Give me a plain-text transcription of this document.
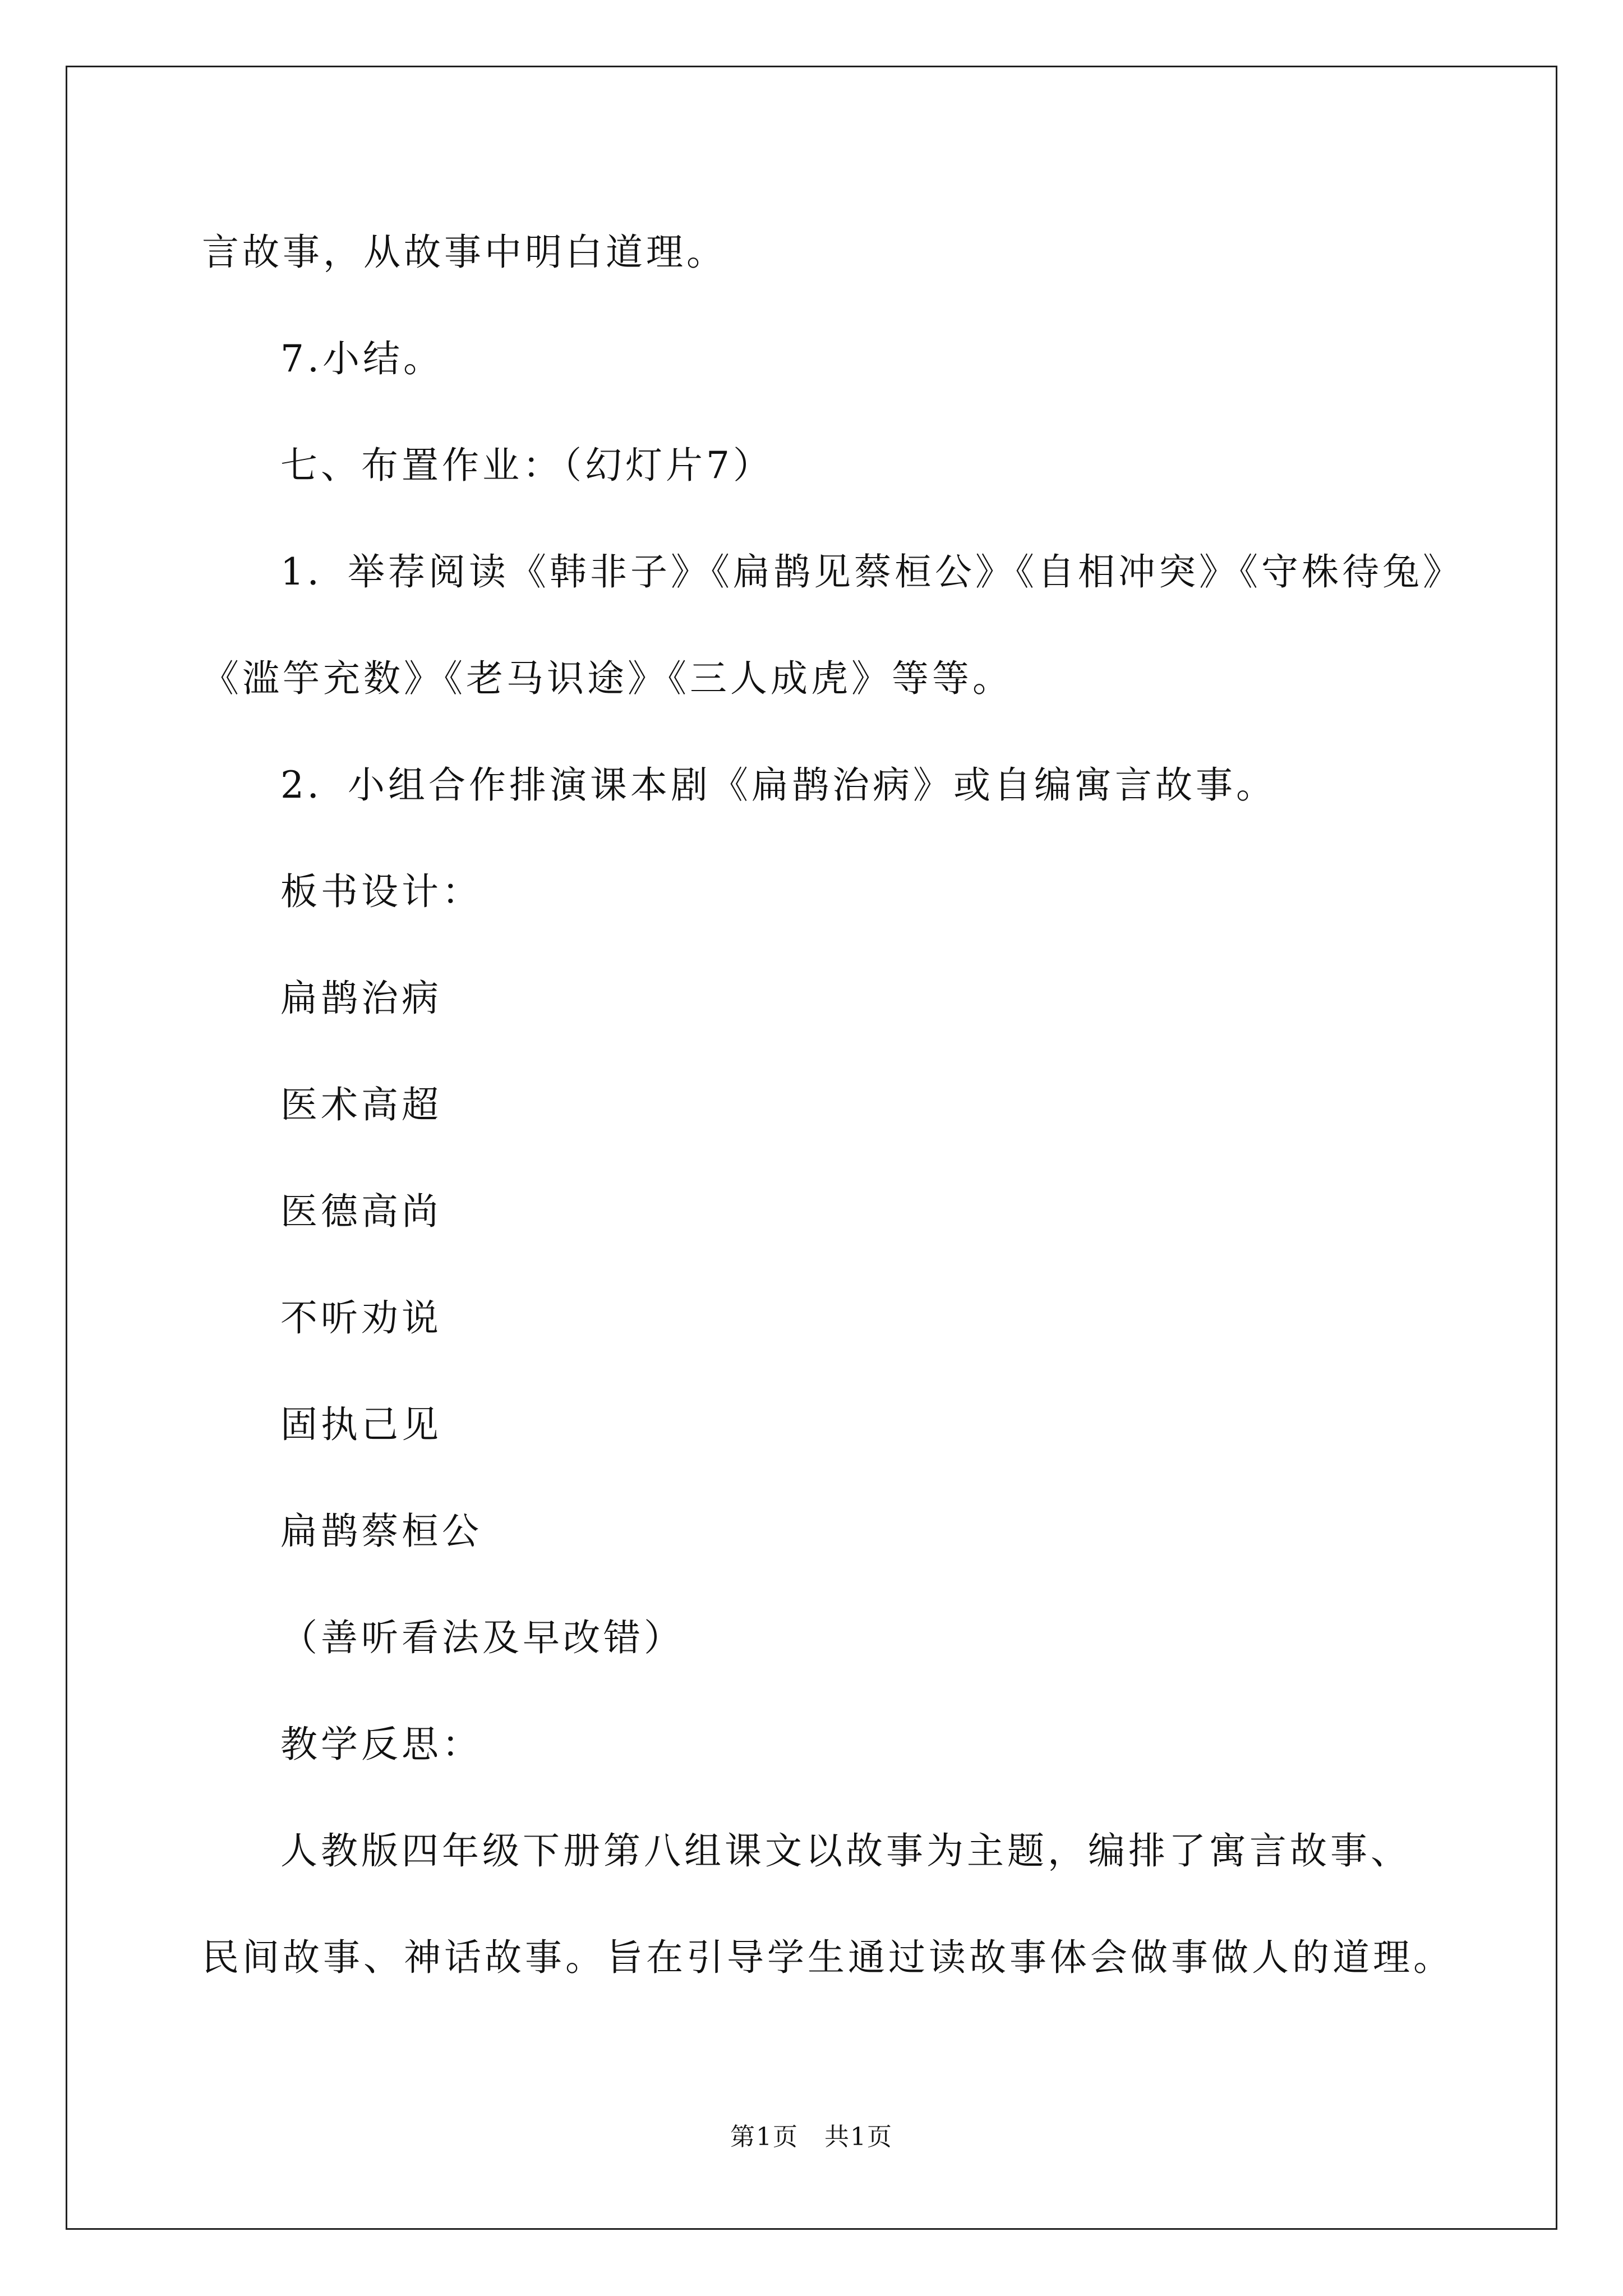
言故事，从故事中明白道理。
7.小结。
七、布置作业：（幻灯片7）
1．举荐阅读《韩非子》《扁鹊见蔡桓公》《自相冲突》《守株待兔》
《滥竽充数》《老马识途》《三人成虎》等等。
2．小组合作排演课本剧《扁鹊治病》或自编寓言故事。
板书设计：
扁鹊治病
医术高超
医德高尚
不听劝说
固执己见
扁鹊蔡桓公
（善听看法及早改错）
教学反思：
人教版四年级下册第八组课文以故事为主题，编排了寓言故事、
民间故事、神话故事。旨在引导学生通过读故事体会做事做人的道理。
第1页　共1页
